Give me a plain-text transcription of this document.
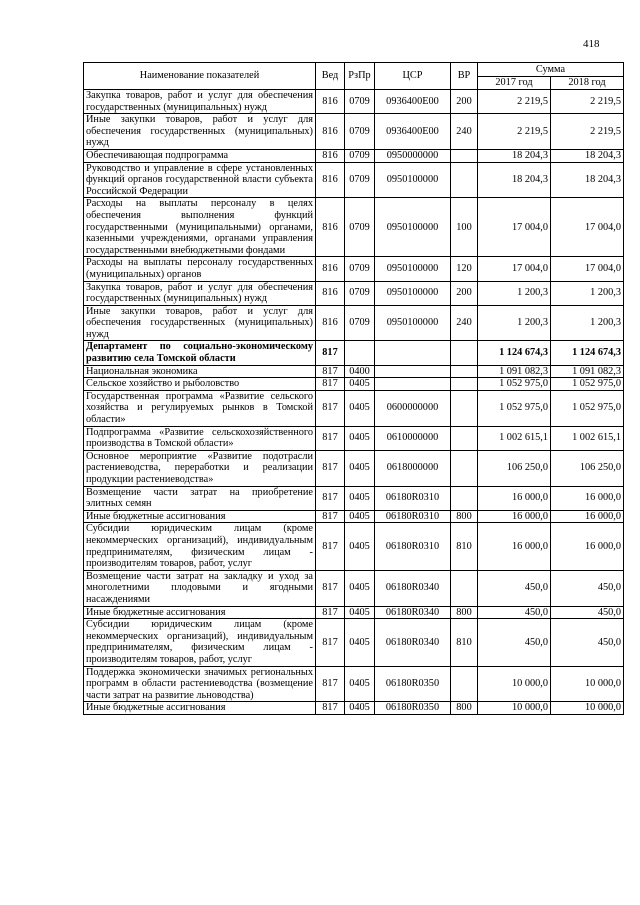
418
Наименование показателей	Вед	РзПр	ЦСР	ВР	Сумма	
					2017 год	2018 год
Закупка товаров, работ и услуг для обеспечения государственных (муниципальных) нужд	816	0709	0936400Е00	200	2 219,5	2 219,5
Иные закупки товаров, работ и услуг для обеспечения государственных (муниципальных) нужд	816	0709	0936400Е00	240	2 219,5	2 219,5
Обеспечивающая подпрограмма	816	0709	0950000000		18 204,3	18 204,3
Руководство и управление в сфере установленных функций органов государственной власти субъекта Российской Федерации	816	0709	0950100000		18 204,3	18 204,3
Расходы на выплаты персоналу в целях обеспечения выполнения функций государственными (муниципальными) органами, казенными учреждениями, органами управления государственными внебюджетными фондами	816	0709	0950100000	100	17 004,0	17 004,0
Расходы на выплаты персоналу государственных (муниципальных) органов	816	0709	0950100000	120	17 004,0	17 004,0
Закупка товаров, работ и услуг для обеспечения государственных (муниципальных) нужд	816	0709	0950100000	200	1 200,3	1 200,3
Иные закупки товаров, работ и услуг для обеспечения государственных (муниципальных) нужд	816	0709	0950100000	240	1 200,3	1 200,3
Департамент по социально-экономическому развитию села Томской области	817				1 124 674,3	1 124 674,3
Национальная экономика	817	0400			1 091 082,3	1 091 082,3
Сельское хозяйство и рыболовство	817	0405			1 052 975,0	1 052 975,0
Государственная программа «Развитие сельского хозяйства и регулируемых рынков в Томской области»	817	0405	0600000000		1 052 975,0	1 052 975,0
Подпрограмма «Развитие сельскохозяйственного производства в Томской области»	817	0405	0610000000		1 002 615,1	1 002 615,1
Основное мероприятие «Развитие подотрасли растениеводства, переработки и реализации продукции растениеводства»	817	0405	0618000000		106 250,0	106 250,0
Возмещение части затрат на приобретение элитных семян	817	0405	06180R0310		16 000,0	16 000,0
Иные бюджетные ассигнования	817	0405	06180R0310	800	16 000,0	16 000,0
Субсидии юридическим лицам (кроме некоммерческих организаций), индивидуальным предпринимателям, физическим лицам - производителям товаров, работ, услуг	817	0405	06180R0310	810	16 000,0	16 000,0
Возмещение части затрат на закладку и уход за многолетними плодовыми и ягодными насаждениями	817	0405	06180R0340		450,0	450,0
Иные бюджетные ассигнования	817	0405	06180R0340	800	450,0	450,0
Субсидии юридическим лицам (кроме некоммерческих организаций), индивидуальным предпринимателям, физическим лицам - производителям товаров, работ, услуг	817	0405	06180R0340	810	450,0	450,0
Поддержка экономически значимых региональных программ в области растениеводства (возмещение части затрат на развитие льноводства)	817	0405	06180R0350		10 000,0	10 000,0
Иные бюджетные ассигнования	817	0405	06180R0350	800	10 000,0	10 000,0
